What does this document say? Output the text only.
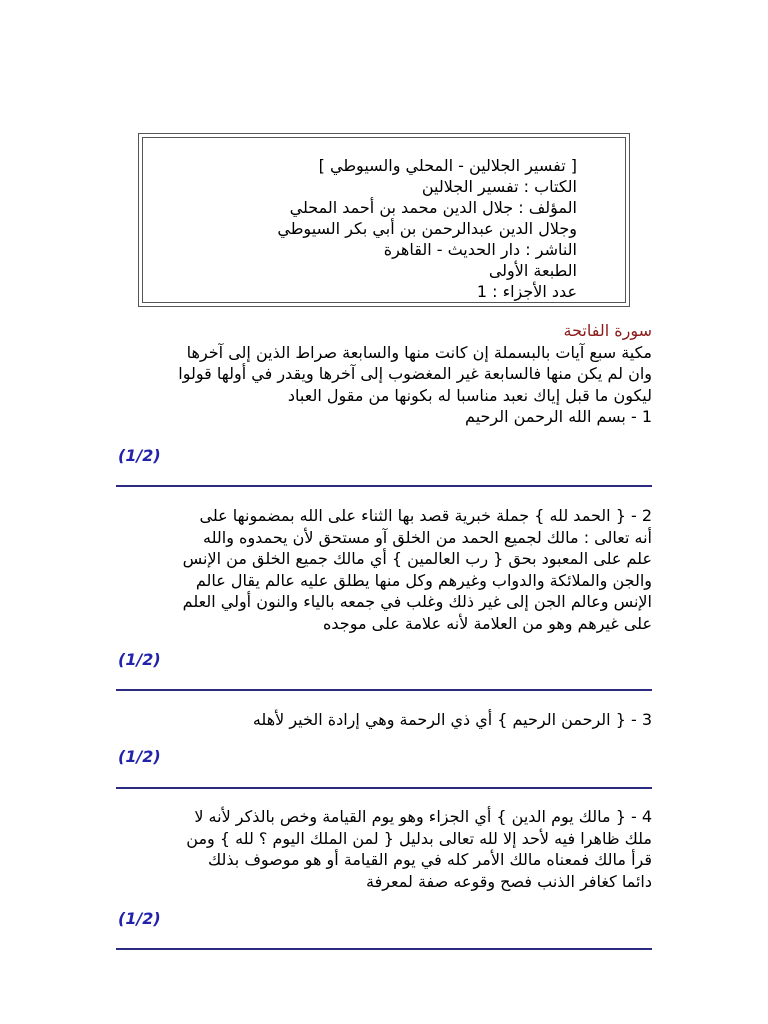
[ تفسير الجلالين - المحلي والسيوطي ]
الكتاب : تفسير الجلالين
المؤلف : جلال الدين محمد بن أحمد المحلي
وجلال الدين عبدالرحمن بن أبي بكر السيوطي
الناشر : دار الحديث - القاهرة
الطبعة الأولى
عدد الأجزاء : 1
سورة الفاتحة
مكية سبع آيات بالبسملة إن كانت منها والسابعة صراط الذين إلى آخرها
وان لم يكن منها فالسابعة غير المغضوب إلى آخرها ويقدر في أولها قولوا
ليكون ما قبل إياك نعبد مناسبا له بكونها من مقول العباد
1 - بسم الله الرحمن الرحيم
(1/2)
2 - { الحمد لله } جملة خبرية قصد بها الثناء على الله بمضمونها على
أنه تعالى : مالك لجميع الحمد من الخلق آو مستحق لأن يحمدوه والله
علم على المعبود بحق { رب العالمين } أي مالك جميع الخلق من الإنس
والجن والملائكة والدواب وغيرهم وكل منها يطلق عليه عالم يقال عالم
الإنس وعالم الجن إلى غير ذلك وغلب في جمعه بالياء والنون أولي العلم
على غيرهم وهو من العلامة لأنه علامة على موجده
(1/2)
3 - { الرحمن الرحيم } أي ذي الرحمة وهي إرادة الخير لأهله
(1/2)
4 - { مالك يوم الدين } أي الجزاء وهو يوم القيامة وخص بالذكر لأنه لا
ملك ظاهرا فيه لأحد إلا لله تعالى بدليل { لمن الملك اليوم ؟ لله } ومن
قرأ مالك فمعناه مالك الأمر كله في يوم القيامة أو هو موصوف بذلك
دائما كغافر الذنب فصح وقوعه صفة لمعرفة
(1/2)
